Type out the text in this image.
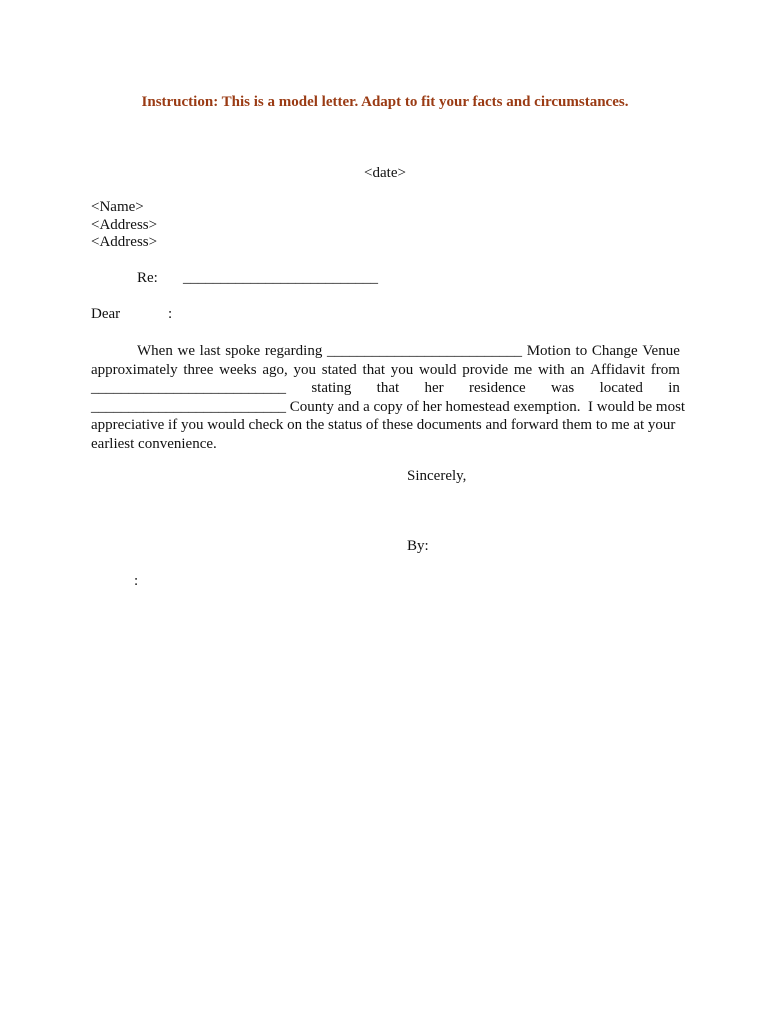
Instruction: This is a model letter. Adapt to fit your facts and circumstances.
<date>
<Name>
<Address>
<Address>
Re: __________________________
Dear	:
When we last spoke regarding __________________________ Motion to Change Venue
approximately three weeks ago, you stated that you would provide me with an Affidavit from
__________________________ stating that her residence was located in
__________________________ County and a copy of her homestead exemption.  I would be most
appreciative if you would check on the status of these documents and forward them to me at your
earliest convenience.
Sincerely,
By:
:
